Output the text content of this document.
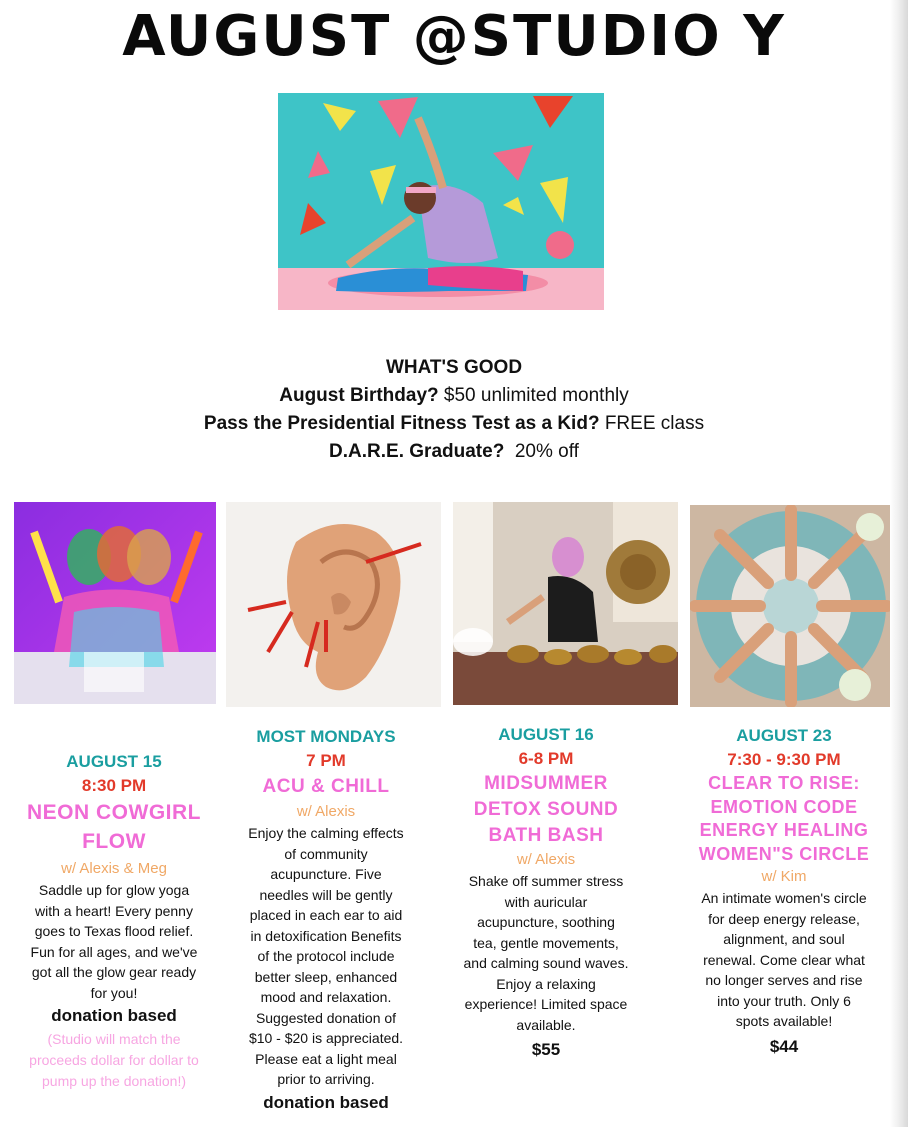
AUGUST @STUDIO Y
WHAT'S GOOD
August Birthday? $50 unlimited monthly
Pass the Presidential Fitness Test as a Kid? FREE class
D.A.R.E. Graduate?  20% off
AUGUST 15
8:30 PM
NEON COWGIRL
FLOW
w/ Alexis & Meg
Saddle up for glow yoga
with a heart! Every penny
goes to Texas flood relief.
Fun for all ages, and we've
got all the glow gear ready
for you!
donation based
(Studio will match the
proceeds dollar for dollar to
pump up the donation!)
MOST MONDAYS
7 PM
ACU & CHILL
w/ Alexis
Enjoy the calming effects
of community
acupuncture. Five
needles will be gently
placed in each ear to aid
in detoxification Benefits
of the protocol include
better sleep, enhanced
mood and relaxation.
Suggested donation of
$10 - $20 is appreciated.
Please eat a light meal
prior to arriving.
donation based
AUGUST 16
6-8 PM
MIDSUMMER
DETOX SOUND
BATH BASH
w/ Alexis
Shake off summer stress
with auricular
acupuncture, soothing
tea, gentle movements,
and calming sound waves.
Enjoy a relaxing
experience! Limited space
available.
$55
AUGUST 23
7:30 - 9:30 PM
CLEAR TO RISE:
EMOTION CODE
ENERGY HEALING
WOMEN"S CIRCLE
w/ Kim
An intimate women's circle
for deep energy release,
alignment, and soul
renewal. Come clear what
no longer serves and rise
into your truth. Only 6
spots available!
$44
